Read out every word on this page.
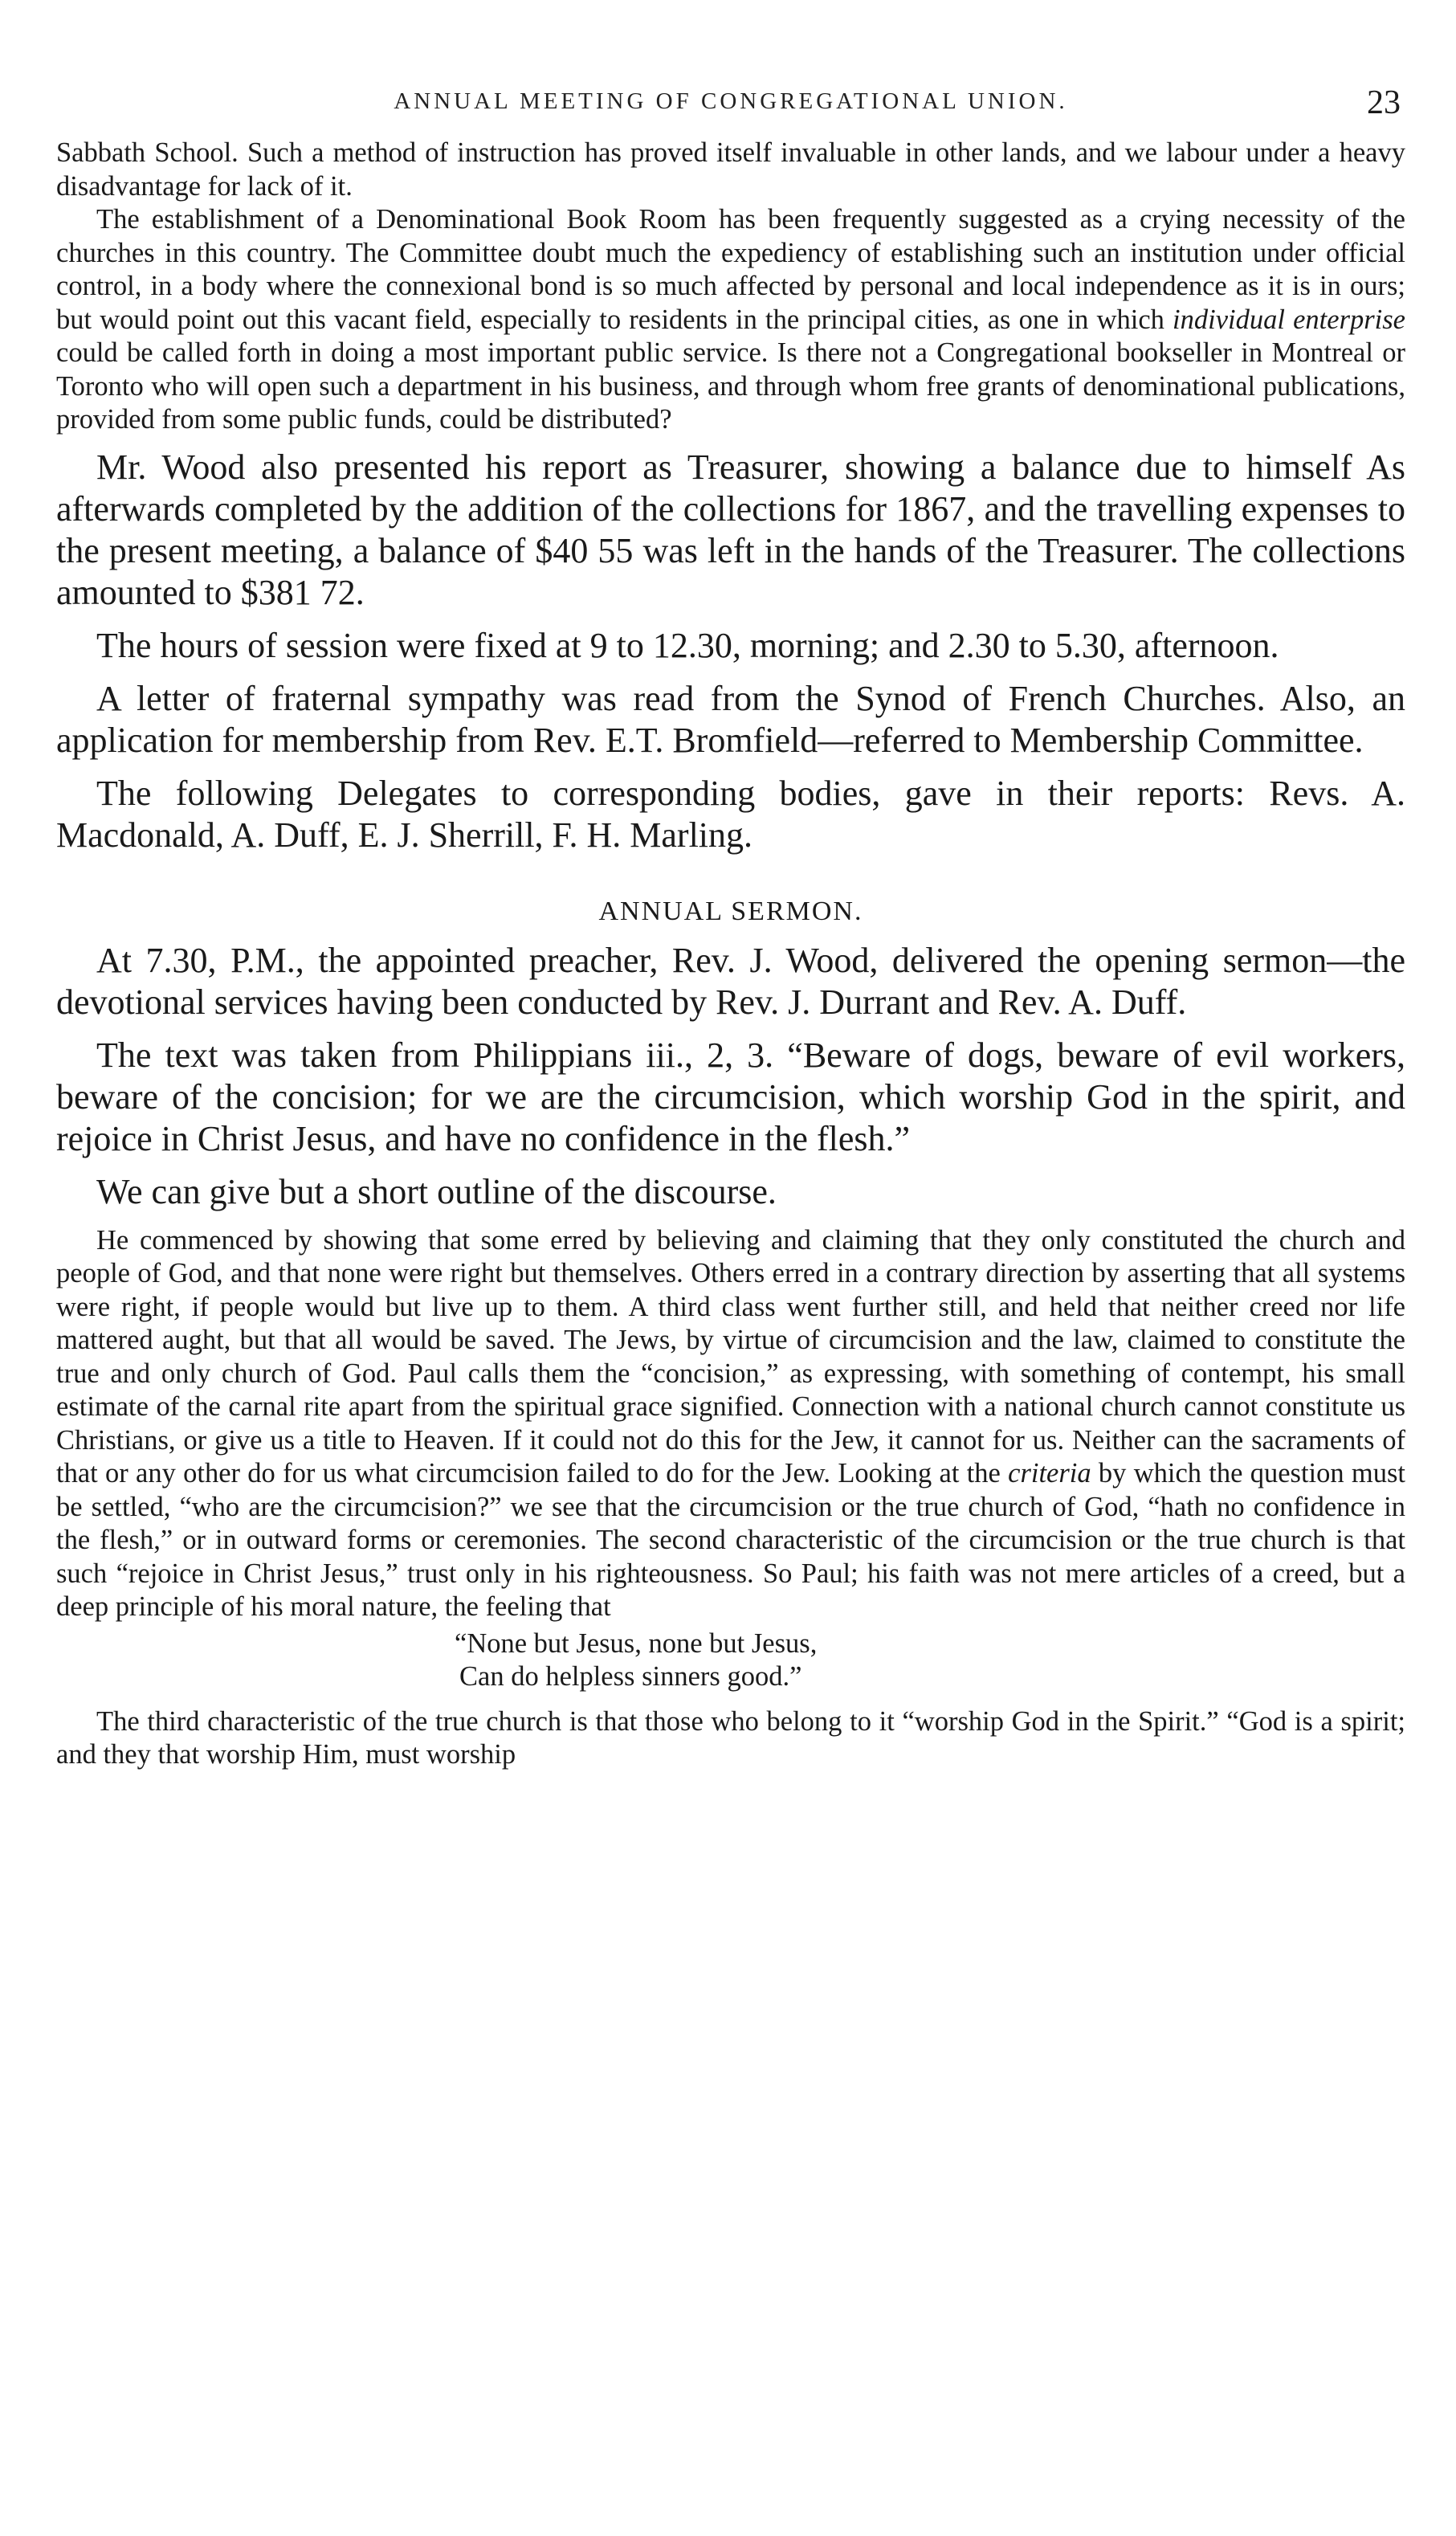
ANNUAL MEETING OF CONGREGATIONAL UNION.	23

Sabbath School. Such a method of instruction has proved itself invaluable in other lands, and we labour under a heavy disadvantage for lack of it.

The establishment of a Denominational Book Room has been frequently suggested as a crying necessity of the churches in this country. The Committee doubt much the expediency of establishing such an institution under official control, in a body where the connexional bond is so much affected by personal and local independence as it is in ours; but would point out this vacant field, especially to residents in the principal cities, as one in which individual enterprise could be called forth in doing a most important public service. Is there not a Congregational bookseller in Montreal or Toronto who will open such a department in his business, and through whom free grants of denominational publications, provided from some public funds, could be distributed?

Mr. Wood also presented his report as Treasurer, showing a balance due to himself As afterwards completed by the addition of the collections for 1867, and the travelling expenses to the present meeting, a balance of $40 55 was left in the hands of the Treasurer. The collections amounted to $381 72.

The hours of session were fixed at 9 to 12.30, morning; and 2.30 to 5.30, afternoon.

A letter of fraternal sympathy was read from the Synod of French Churches. Also, an application for membership from Rev. E.T. Bromfield—referred to Membership Committee.

The following Delegates to corresponding bodies, gave in their reports: Revs. A. Macdonald, A. Duff, E. J. Sherrill, F. H. Marling.

ANNUAL SERMON.

At 7.30, P.M., the appointed preacher, Rev. J. Wood, delivered the opening sermon—the devotional services having been conducted by Rev. J. Durrant and Rev. A. Duff.

The text was taken from Philippians iii., 2, 3. “Beware of dogs, beware of evil workers, beware of the concision; for we are the circumcision, which worship God in the spirit, and rejoice in Christ Jesus, and have no confidence in the flesh.”

We can give but a short outline of the discourse.

He commenced by showing that some erred by believing and claiming that they only constituted the church and people of God, and that none were right but themselves. Others erred in a contrary direction by asserting that all systems were right, if people would but live up to them. A third class went further still, and held that neither creed nor life mattered aught, but that all would be saved. The Jews, by virtue of circumcision and the law, claimed to constitute the true and only church of God. Paul calls them the “concision,” as expressing, with something of contempt, his small estimate of the carnal rite apart from the spiritual grace signified. Connection with a national church cannot constitute us Christians, or give us a title to Heaven. If it could not do this for the Jew, it cannot for us. Neither can the sacraments of that or any other do for us what circumcision failed to do for the Jew. Looking at the criteria by which the question must be settled, “who are the circumcision?” we see that the circumcision or the true church of God, “hath no confidence in the flesh,” or in outward forms or ceremonies. The second characteristic of the circumcision or the true church is that such “rejoice in Christ Jesus,” trust only in his righteousness. So Paul; his faith was not mere articles of a creed, but a deep principle of his moral nature, the feeling that

“None but Jesus, none but Jesus,
Can do helpless sinners good.”

The third characteristic of the true church is that those who belong to it “worship God in the Spirit.” “God is a spirit; and they that worship Him, must worship
